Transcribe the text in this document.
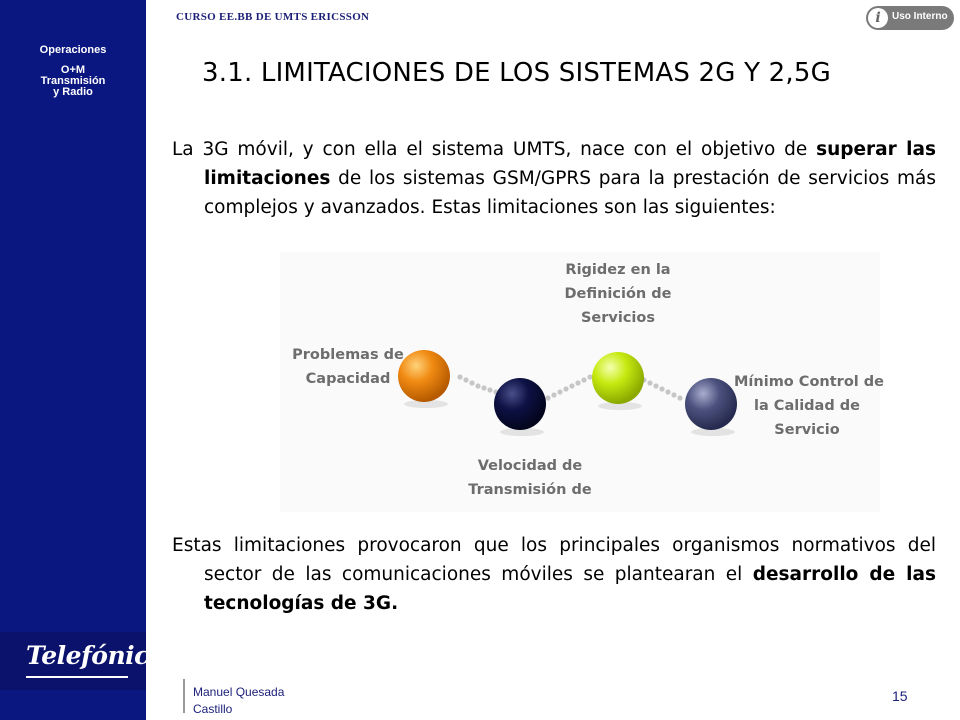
Operaciones
O+M
Transmisión
y Radio
Telefónica
CURSO EE.BB DE UMTS ERICSSON	i	Uso Interno
3.1. LIMITACIONES DE LOS SISTEMAS 2G Y 2,5G
La 3G móvil, y con ella el sistema UMTS, nace con el objetivo de superar las limitaciones de los sistemas GSM/GPRS para la prestación de servicios más complejos y avanzados. Estas limitaciones son las siguientes:
Problemas de
Capacidad
Velocidad de
Transmisión de
Rigidez en la
Definición de
Servicios
Mínimo Control de
la Calidad de
Servicio
Estas limitaciones provocaron que los principales organismos normativos del sector de las comunicaciones móviles se plantearan el desarrollo de las tecnologías de 3G.
Manuel Quesada
Castillo
15
